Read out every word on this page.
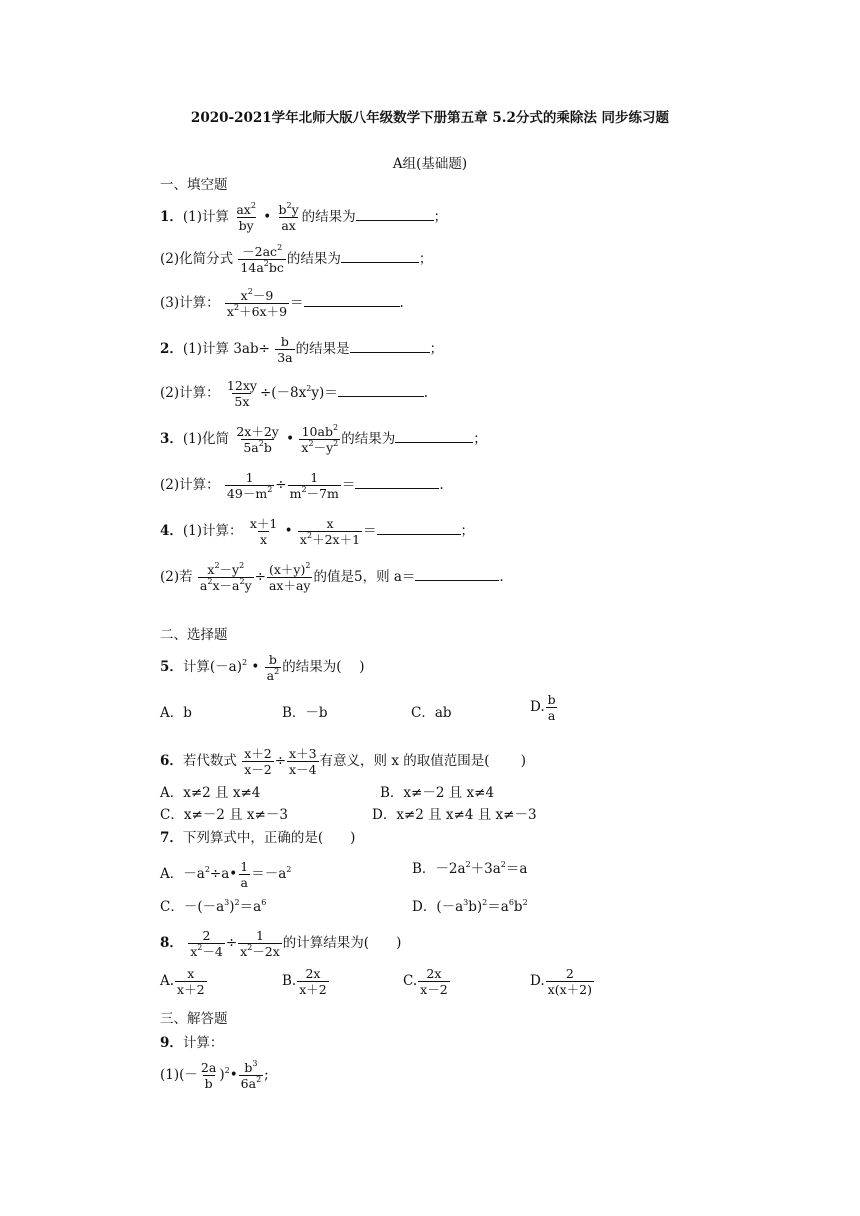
2020-2021学年北师大版八年级数学下册第五章 5.2分式的乘除法 同步练习题
A组(基础题)
一、填空题
1．(1)计算 $\frac{ax^2}{by}$ • $\frac{b^2y}{ax}$ 的结果为	；
(2)化简分式 $\frac{-2ac^2}{14a^2bc}$ 的结果为	；
(3)计算： $\frac{x^2-9}{x^2+6x+9}$ ＝	.
2．(1)计算 $3ab\div \frac{b}{3a}$ 的结果是	；
(2)计算： $\frac{12xy}{5x} \div(-8x^2y)=$	.
3．(1)化简 $\frac{2x+2y}{5a^2b}$ • $\frac{10ab^2}{x^2-y^2}$ 的结果为	；
(2)计算： $\frac{1}{49-m^2} \div \frac{1}{m^2-7m}$ ＝	.
4．(1)计算： $\frac{x+1}{x}$ • $\frac{x}{x^2+2x+1}$ ＝	；
(2)若 $\frac{x^2-y^2}{a^2x-a^2y} \div \frac{(x+y)^2}{ax+ay}$ 的值是5，则 a＝	.
二、选择题
5．计算$(-a)^2$ • $\frac{b}{a^2}$ 的结果为(　 )
A．b	B．－b	C．ab	D. $\frac{b}{a}$
6．若代数式 $\frac{x+2}{x-2} \div \frac{x+3}{x-4}$ 有意义，则 x 的取值范围是(　　 )
A．x≠2 且 x≠4	B．x≠－2 且 x≠4
C．x≠－2 且 x≠－3	D．x≠2 且 x≠4 且 x≠－3
7．下列算式中，正确的是(　　)
A．$-a^2\div a• \frac{1}{a} =-a^2$	B．$-2a^2+3a^2=a$
C．$-(-a^3)^2=a^6$	D．$(-a^3b)^2=a^6b^2$
8． $\frac{2}{x^2-4} \div \frac{1}{x^2-2x}$ 的计算结果为(　　)
A. $\frac{x}{x+2}$	B. $\frac{2x}{x+2}$	C. $\frac{2x}{x-2}$	D. $\frac{2}{x(x+2)}$
三、解答题
9．计算：
$(1)(- \frac{2a}{b}$ )$^2• \frac{b^3}{6a^2}$ ;
